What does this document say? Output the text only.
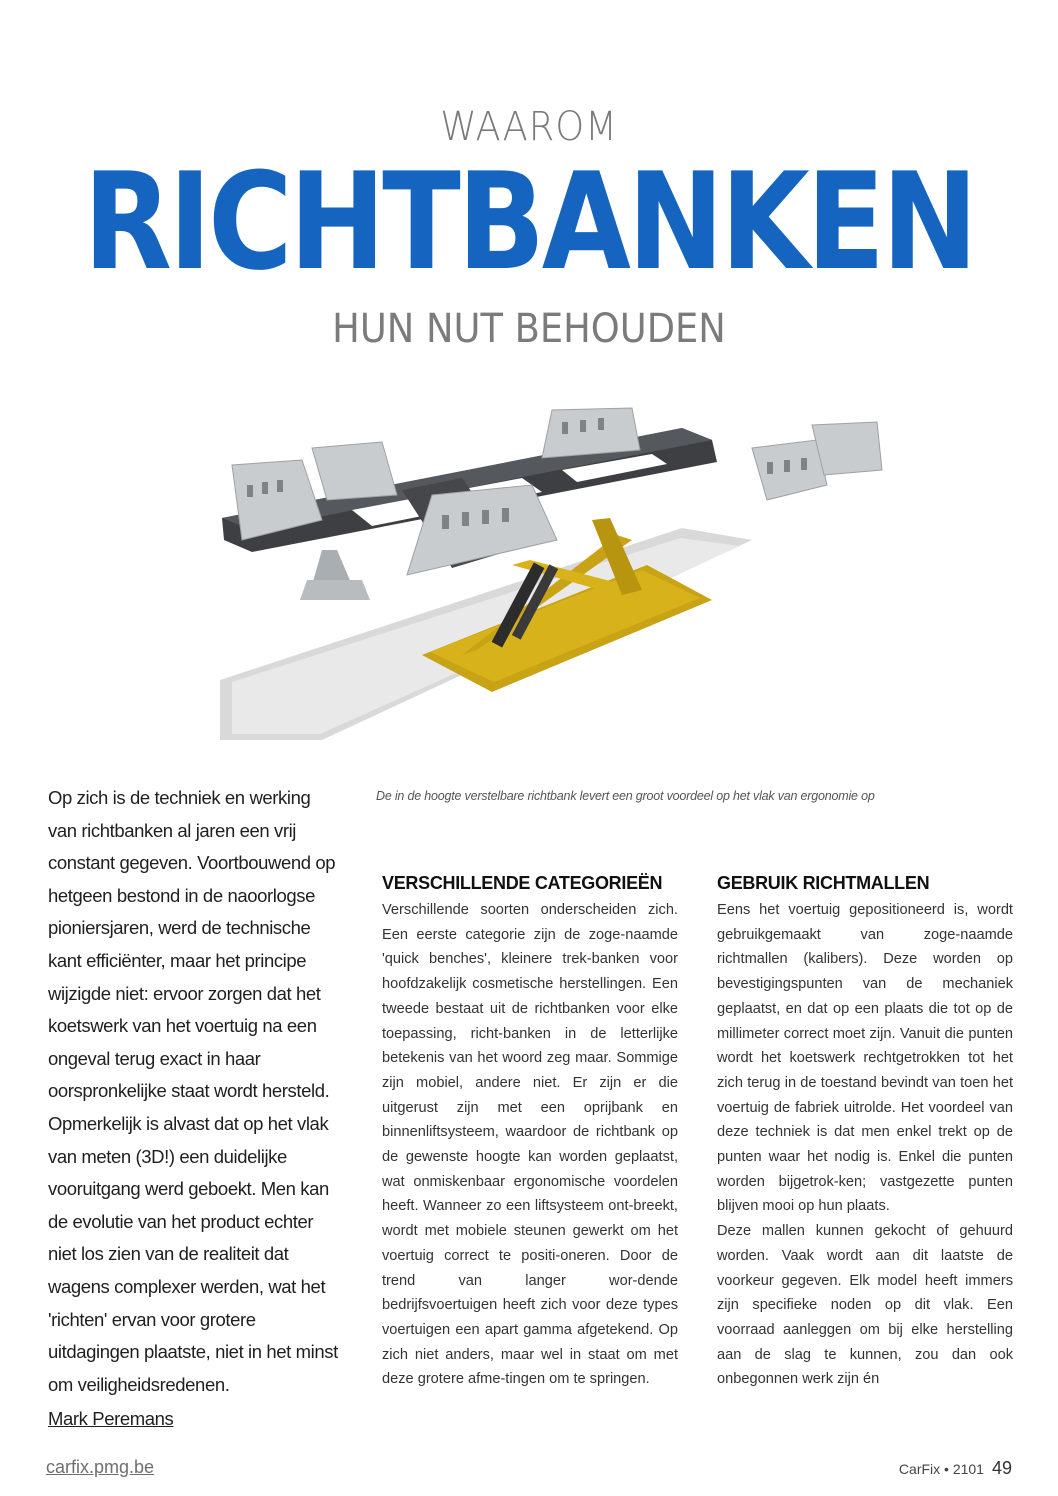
WAAROM
RICHTBANKEN
HUN NUT BEHOUDEN

Op zich is de techniek en werking van richtbanken al jaren een vrij constant gegeven. Voortbouwend op hetgeen bestond in de naoorlogse pioniersjaren, werd de technische kant efficiënter, maar het principe wijzigde niet: ervoor zorgen dat het koetswerk van het voertuig na een ongeval terug exact in haar oorspronkelijke staat wordt hersteld. Opmerkelijk is alvast dat op het vlak van meten (3D!) een duidelijke vooruitgang werd geboekt. Men kan de evolutie van het product echter niet los zien van de realiteit dat wagens complexer werden, wat het 'richten' ervan voor grotere uitdagingen plaatste, niet in het minst om veiligheidsredenen.

Mark Peremans
De in de hoogte verstelbare richtbank levert een groot voordeel op het vlak van ergonomie op
VERSCHILLENDE CATEGORIEËN

Verschillende soorten onderscheiden zich. Een eerste categorie zijn de zoge-naamde 'quick benches', kleinere trek-banken voor hoofdzakelijk cosmetische herstellingen. Een tweede bestaat uit de richtbanken voor elke toepassing, richt-banken in de letterlijke betekenis van het woord zeg maar. Sommige zijn mobiel, andere niet. Er zijn er die uitgerust zijn met een oprijbank en binnenliftsysteem, waardoor de richtbank op de gewenste hoogte kan worden geplaatst, wat onmiskenbaar ergonomische voordelen heeft. Wanneer zo een liftsysteem ont-breekt, wordt met mobiele steunen gewerkt om het voertuig correct te positi-oneren. Door de trend van langer wor-dende bedrijfsvoertuigen heeft zich voor deze types voertuigen een apart gamma afgetekend. Op zich niet anders, maar wel in staat om met deze grotere afme-tingen om te springen.

GEBRUIK RICHTMALLEN

Eens het voertuig gepositioneerd is, wordt gebruikgemaakt van zoge-naamde richtmallen (kalibers). Deze worden op bevestigingspunten van de mechaniek geplaatst, en dat op een plaats die tot op de millimeter correct moet zijn. Vanuit die punten wordt het koetswerk rechtgetrokken tot het zich terug in de toestand bevindt van toen het voertuig de fabriek uitrolde. Het voordeel van deze techniek is dat men enkel trekt op de punten waar het nodig is. Enkel die punten worden bijgetrok-ken; vastgezette punten blijven mooi op hun plaats.

Deze mallen kunnen gekocht of gehuurd worden. Vaak wordt aan dit laatste de voorkeur gegeven. Elk model heeft immers zijn specifieke noden op dit vlak. Een voorraad aanleggen om bij elke herstelling aan de slag te kunnen, zou dan ook onbegonnen werk zijn én

carfix.pmg.be	CarFix • 2101 49
